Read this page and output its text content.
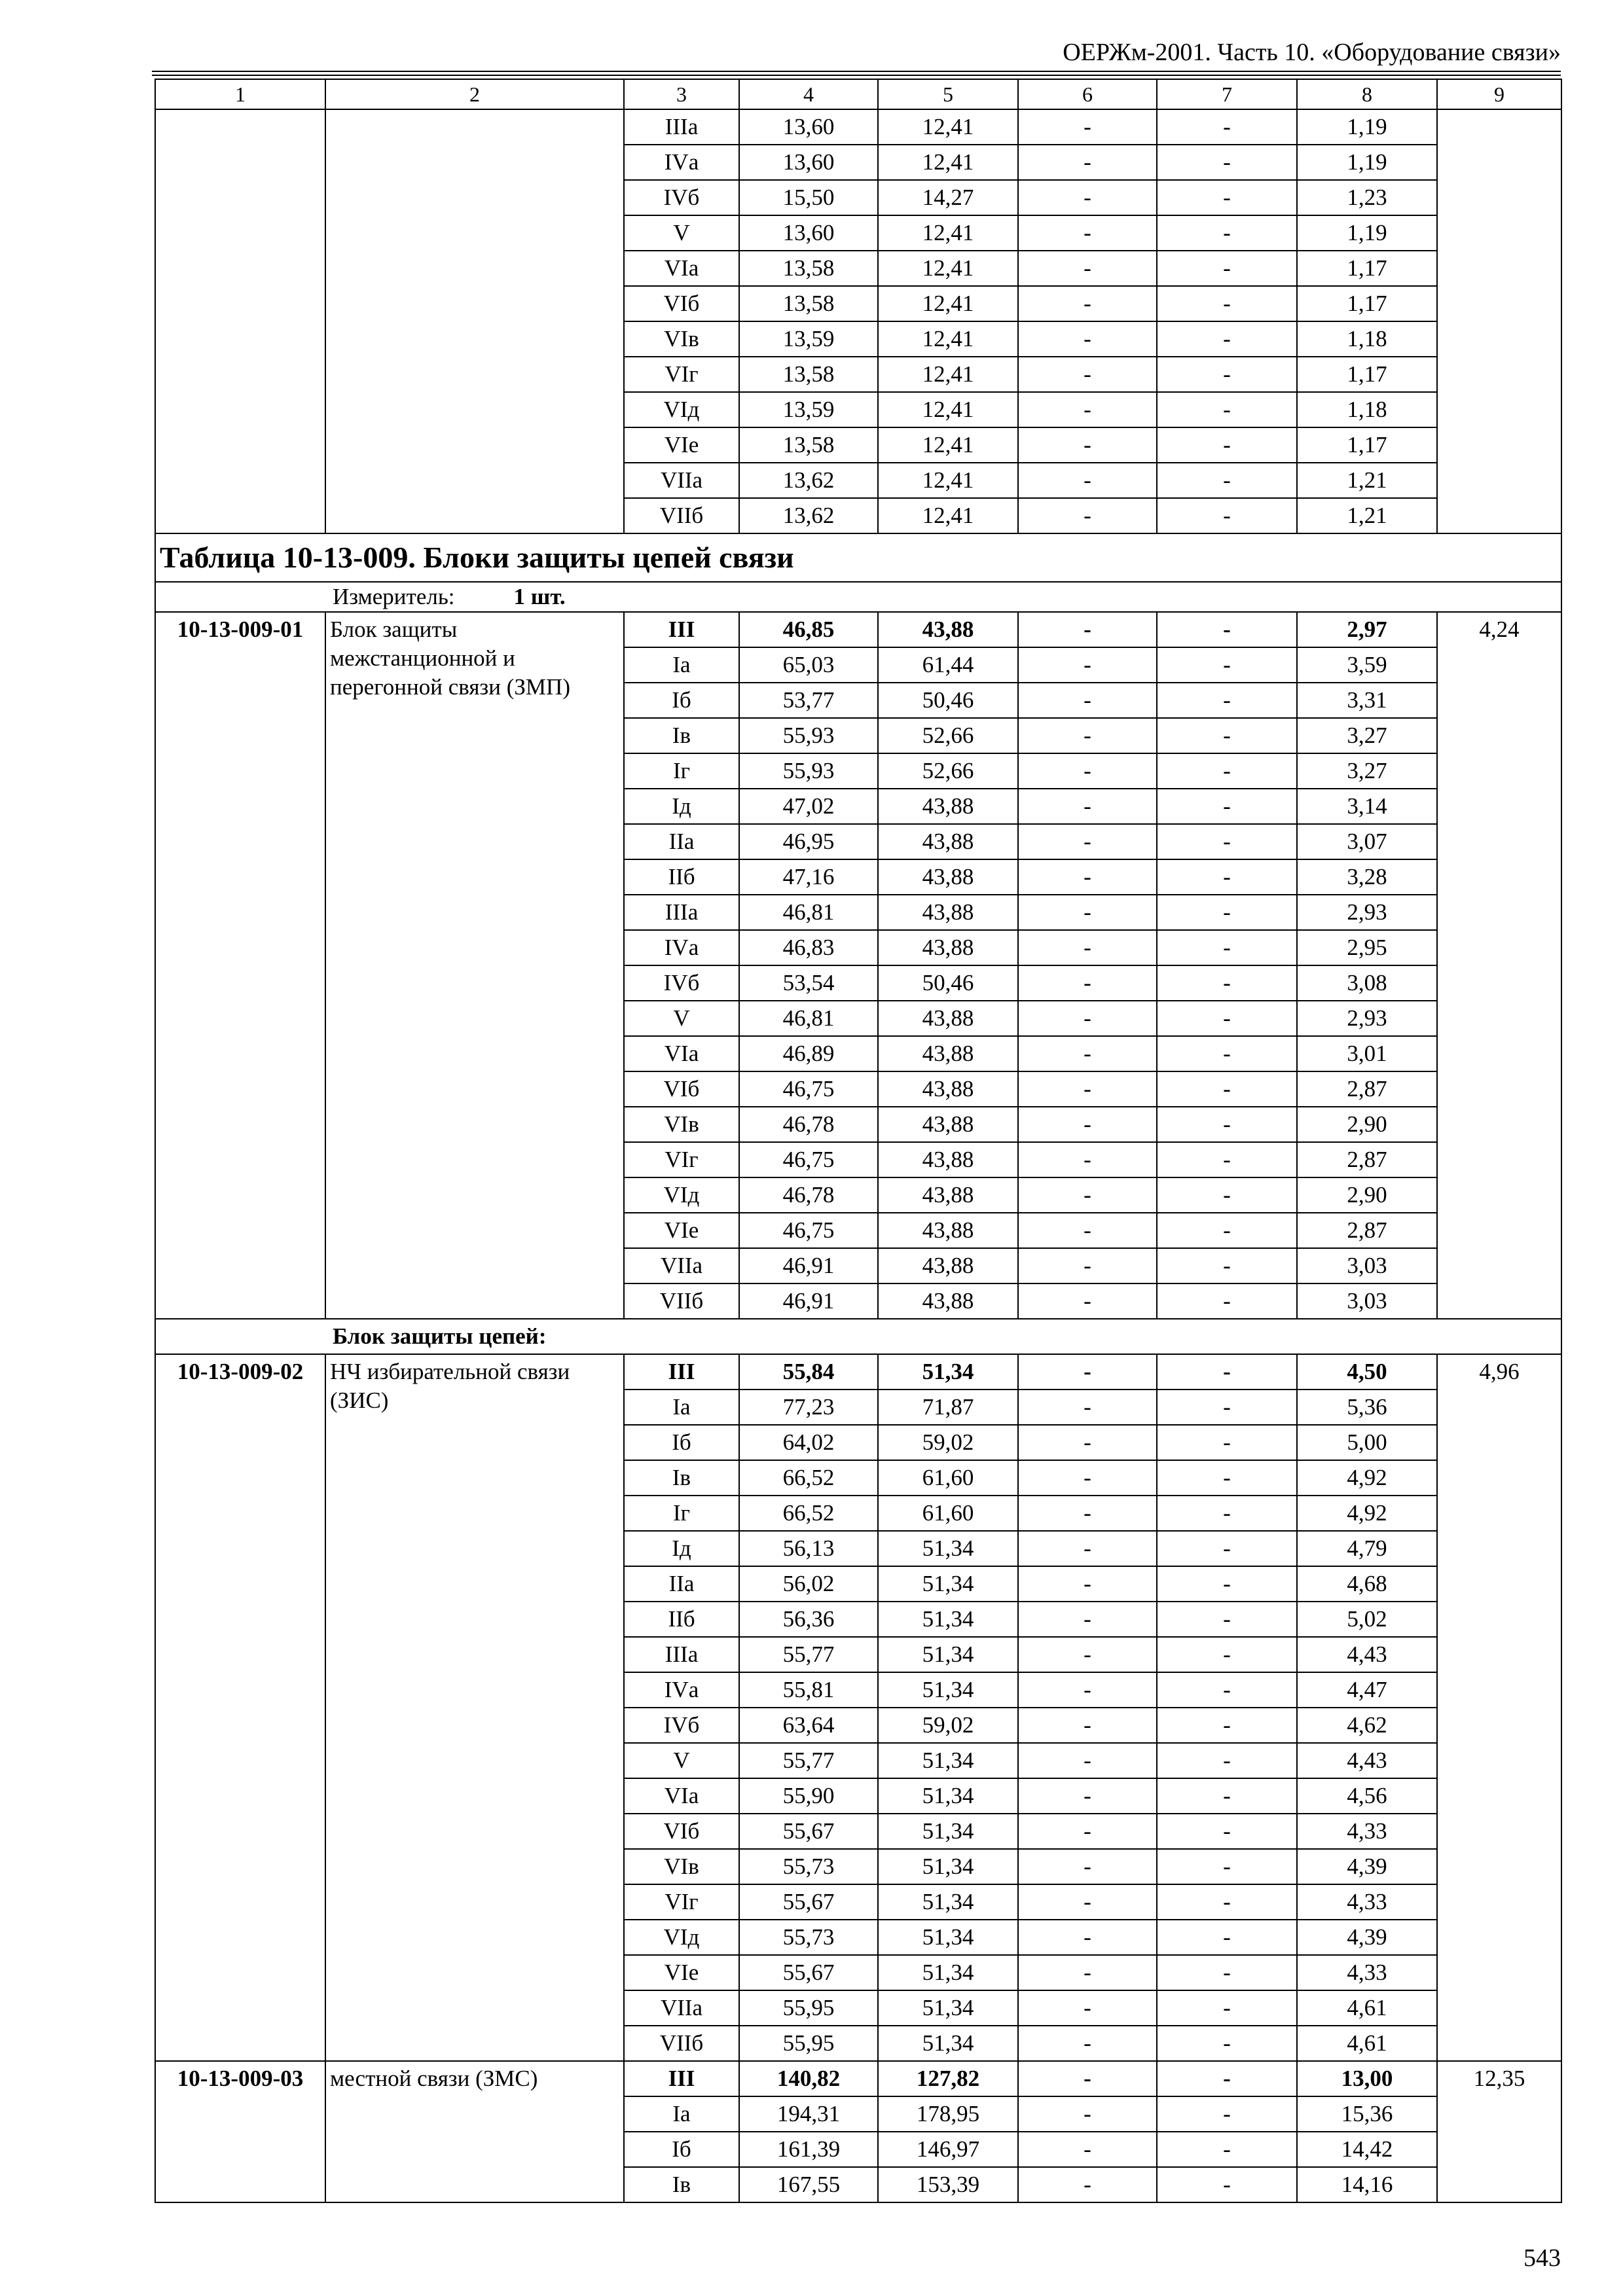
ОЕРЖм-2001. Часть 10. «Оборудование связи»
1	2	3	4	5	6	7	8	9
		IIIа	13,60	12,41	-	-	1,19	
		IVа	13,60	12,41	-	-	1,19	
		IVб	15,50	14,27	-	-	1,23	
		V	13,60	12,41	-	-	1,19	
		VIа	13,58	12,41	-	-	1,17	
		VIб	13,58	12,41	-	-	1,17	
		VIв	13,59	12,41	-	-	1,18	
		VIг	13,58	12,41	-	-	1,17	
		VIд	13,59	12,41	-	-	1,18	
		VIе	13,58	12,41	-	-	1,17	
		VIIа	13,62	12,41	-	-	1,21	
		VIIб	13,62	12,41	-	-	1,21	
Таблица 10-13-009. Блоки защиты цепей связи								
Измеритель: 1 шт.								
10-13-009-01	Блок защиты межстанционной и перегонной связи (ЗМП)	III	46,85	43,88	-	-	2,97	4,24
		Iа	65,03	61,44	-	-	3,59	
		Iб	53,77	50,46	-	-	3,31	
		Iв	55,93	52,66	-	-	3,27	
		Iг	55,93	52,66	-	-	3,27	
		Iд	47,02	43,88	-	-	3,14	
		IIа	46,95	43,88	-	-	3,07	
		IIб	47,16	43,88	-	-	3,28	
		IIIа	46,81	43,88	-	-	2,93	
		IVа	46,83	43,88	-	-	2,95	
		IVб	53,54	50,46	-	-	3,08	
		V	46,81	43,88	-	-	2,93	
		VIа	46,89	43,88	-	-	3,01	
		VIб	46,75	43,88	-	-	2,87	
		VIв	46,78	43,88	-	-	2,90	
		VIг	46,75	43,88	-	-	2,87	
		VIд	46,78	43,88	-	-	2,90	
		VIе	46,75	43,88	-	-	2,87	
		VIIа	46,91	43,88	-	-	3,03	
		VIIб	46,91	43,88	-	-	3,03	
Блок защиты цепей:								
10-13-009-02	НЧ избирательной связи (ЗИС)	III	55,84	51,34	-	-	4,50	4,96
		Iа	77,23	71,87	-	-	5,36	
		Iб	64,02	59,02	-	-	5,00	
		Iв	66,52	61,60	-	-	4,92	
		Iг	66,52	61,60	-	-	4,92	
		Iд	56,13	51,34	-	-	4,79	
		IIа	56,02	51,34	-	-	4,68	
		IIб	56,36	51,34	-	-	5,02	
		IIIа	55,77	51,34	-	-	4,43	
		IVа	55,81	51,34	-	-	4,47	
		IVб	63,64	59,02	-	-	4,62	
		V	55,77	51,34	-	-	4,43	
		VIа	55,90	51,34	-	-	4,56	
		VIб	55,67	51,34	-	-	4,33	
		VIв	55,73	51,34	-	-	4,39	
		VIг	55,67	51,34	-	-	4,33	
		VIд	55,73	51,34	-	-	4,39	
		VIе	55,67	51,34	-	-	4,33	
		VIIа	55,95	51,34	-	-	4,61	
		VIIб	55,95	51,34	-	-	4,61	
10-13-009-03	местной связи (ЗМС)	III	140,82	127,82	-	-	13,00	12,35
		Iа	194,31	178,95	-	-	15,36	
		Iб	161,39	146,97	-	-	14,42	
		Iв	167,55	153,39	-	-	14,16	
543
